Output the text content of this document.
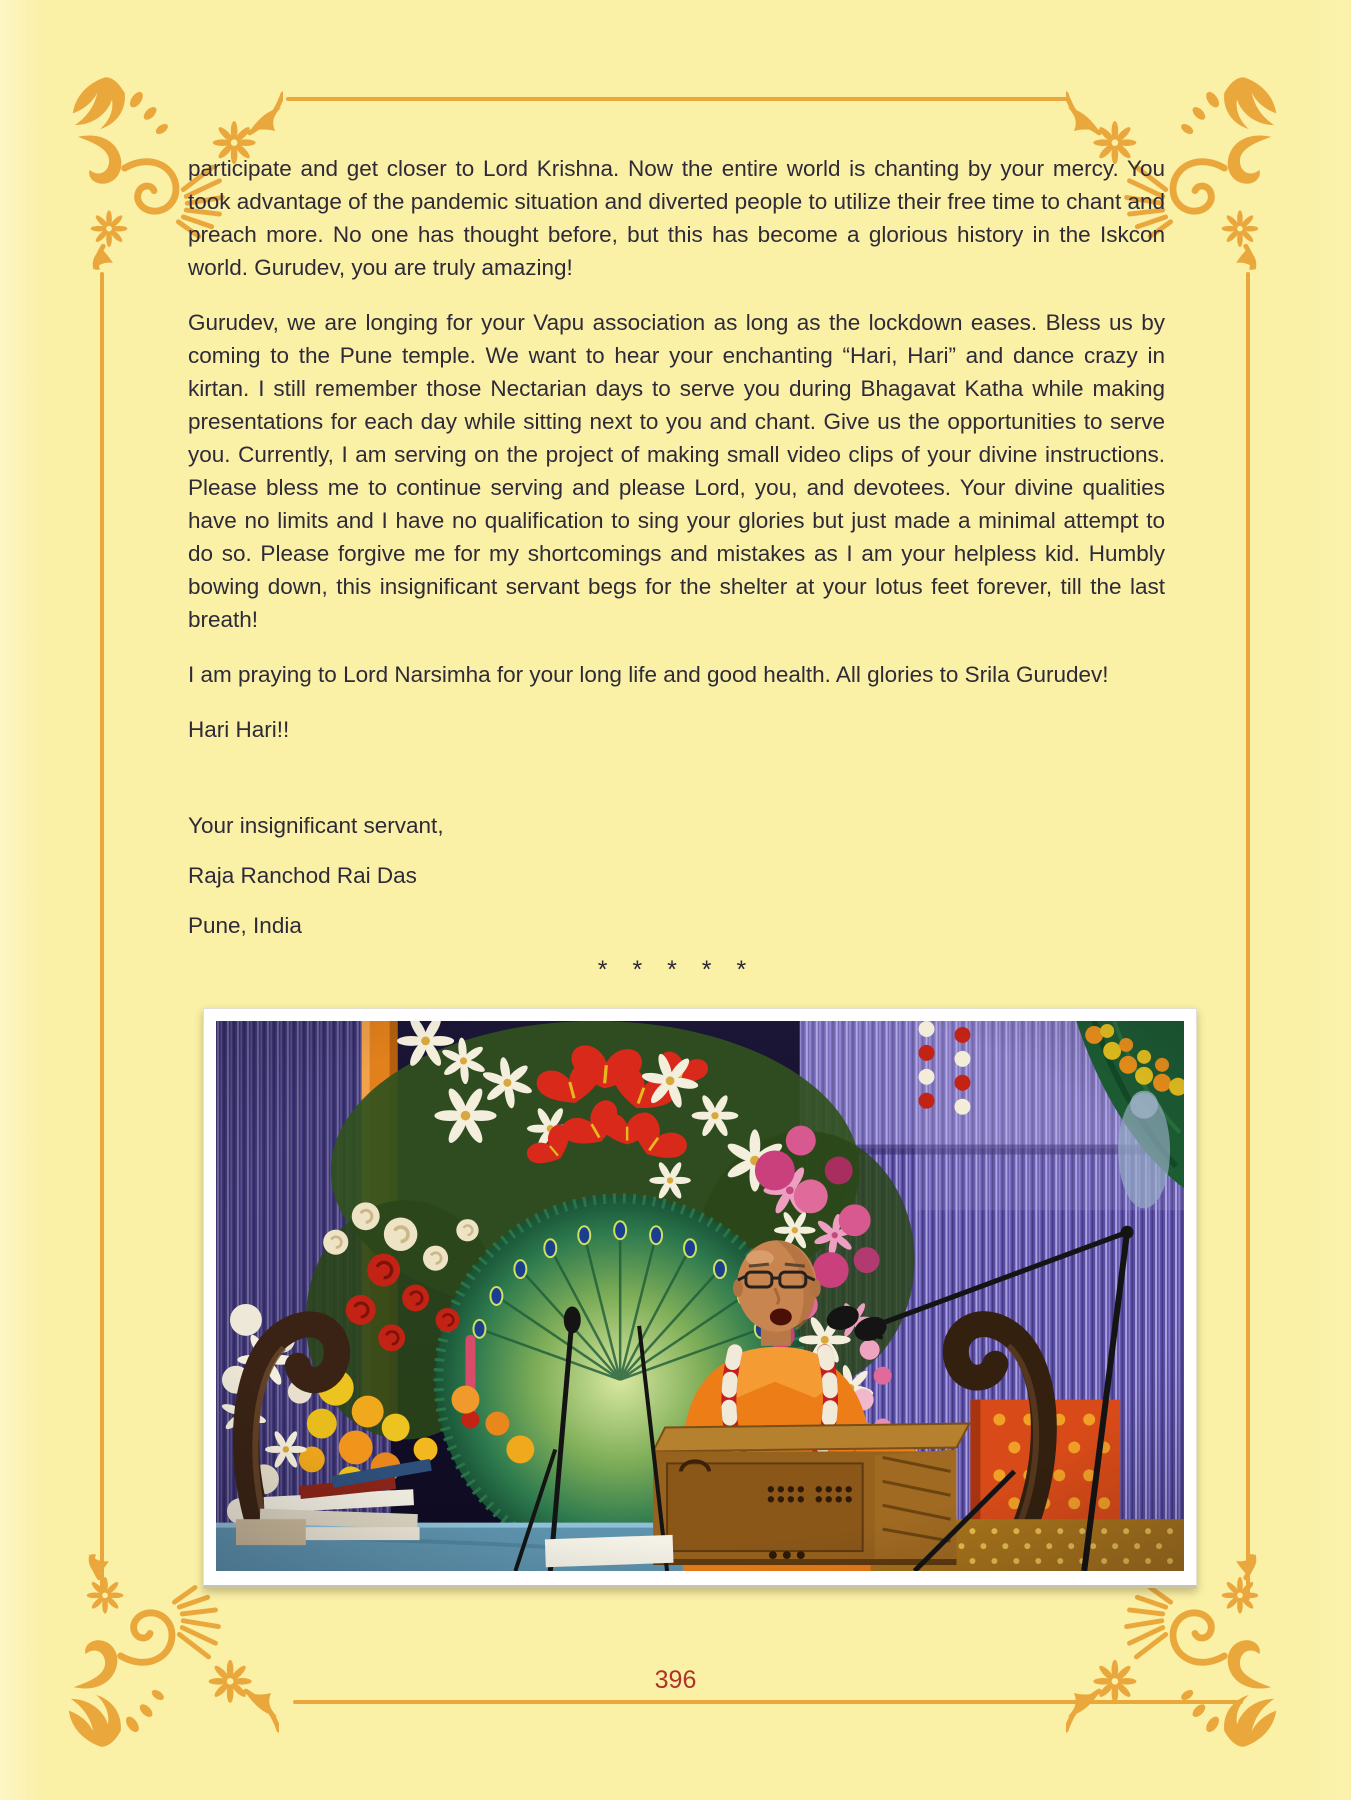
participate and get closer to Lord Krishna. Now the entire world is chanting by your mercy. You took advantage of the pandemic situation and diverted people to utilize their free time to chant and preach more. No one has thought before, but this has become a glorious history in the Iskcon world. Gurudev, you are truly amazing!

Gurudev, we are longing for your Vapu association as long as the lockdown eases. Bless us by coming to the Pune temple. We want to hear your enchanting “Hari, Hari” and dance crazy in kirtan. I still remember those Nectarian days to serve you during Bhagavat Katha while making presentations for each day while sitting next to you and chant. Give us the opportunities to serve you. Currently, I am serving on the project of making small video clips of your divine instructions. Please bless me to continue serving and please Lord, you, and devotees. Your divine qualities have no limits and I have no qualification to sing your glories but just made a minimal attempt to do so. Please forgive me for my shortcomings and mistakes as I am your helpless kid. Humbly bowing down, this insignificant servant begs for the shelter at your lotus feet forever, till the last breath!

I am praying to Lord Narsimha for your long life and good health. All glories to Srila Gurudev!

Hari Hari!!

Your insignificant servant,

Raja Ranchod Rai Das

Pune, India

* * * * *
396
